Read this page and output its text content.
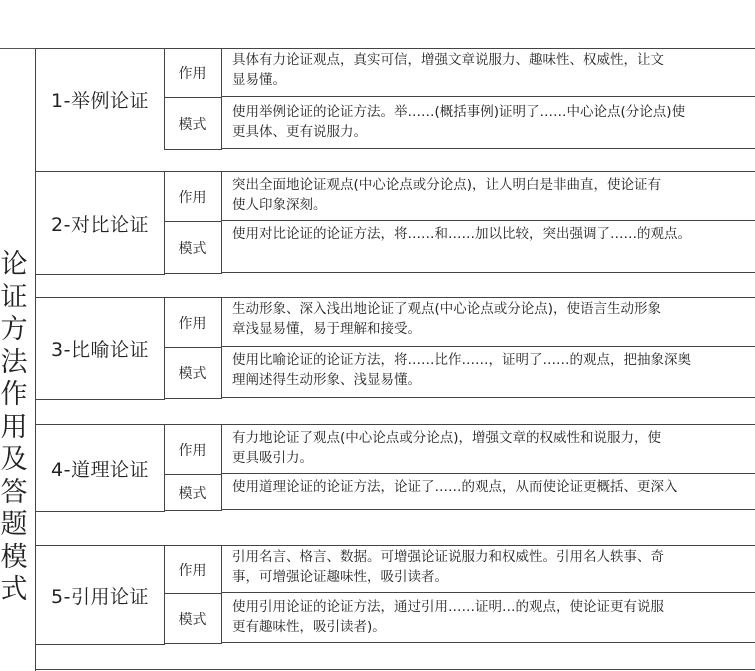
论证方法作用及答题模式
1-举例论证
作用
具体有力论证观点，真实可信，增强文章说服力、趣味性、权威性，让文
显易懂。
模式
使用举例论证的论证方法。举……(概括事例)证明了……中心论点(分论点)使
更具体、更有说服力。
2-对比论证
作用
突出全面地论证观点(中心论点或分论点)，让人明白是非曲直，使论证有
使人印象深刻。
模式
使用对比论证的论证方法，将……和……加以比较，突出强调了……的观点。
3-比喻论证
作用
生动形象、深入浅出地论证了观点(中心论点或分论点)，使语言生动形象
章浅显易懂，易于理解和接受。
模式
使用比喻论证的论证方法，将……比作……，证明了……的观点，把抽象深奥
理阐述得生动形象、浅显易懂。
4-道理论证
作用
有力地论证了观点(中心论点或分论点)，增强文章的权威性和说服力，使
更具吸引力。
模式	使用道理论证的论证方法，论证了……的观点，从而使论证更概括、更深入
5-引用论证
作用
引用名言、格言、数据。可增强论证说服力和权威性。引用名人轶事、奇
事，可增强论证趣味性，吸引读者。
模式
使用引用论证的论证方法，通过引用……证明…的观点，使论证更有说服
更有趣味性，吸引读者)。
